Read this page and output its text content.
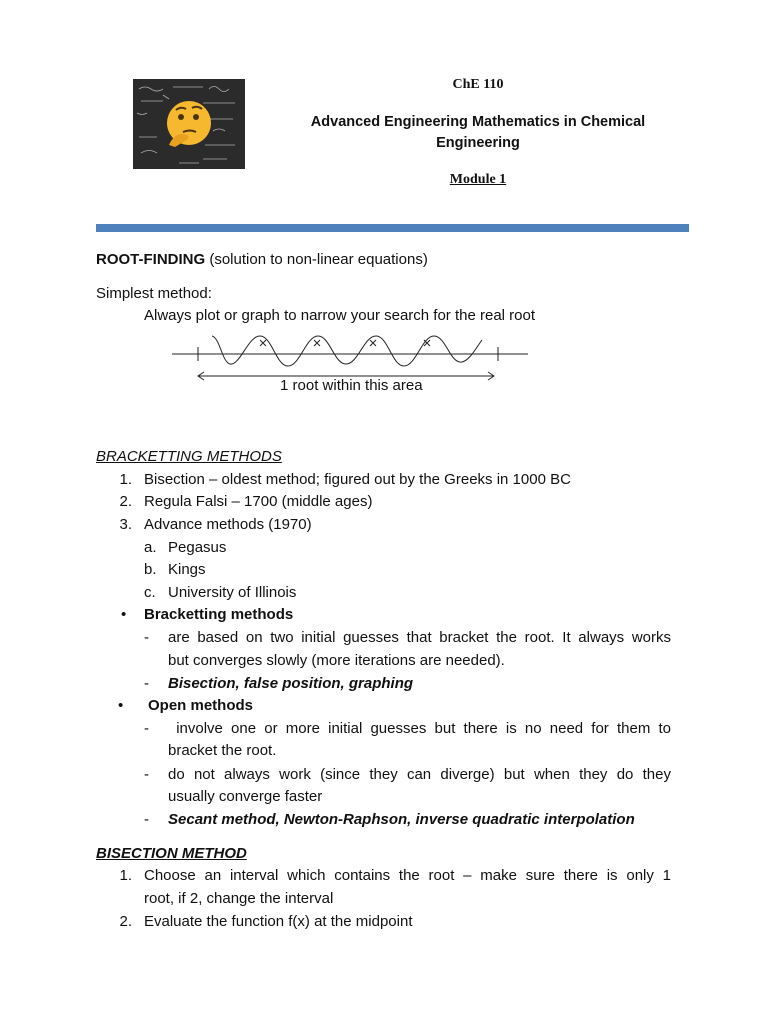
ChE 110
Advanced Engineering Mathematics in Chemical
Engineering
Module 1
ROOT-FINDING (solution to non-linear equations)
Simplest method:
Always plot or graph to narrow your search for the real root
1 root within this area
BRACKETTING METHODS
1. Bisection – oldest method; figured out by the Greeks in 1000 BC
2. Regula Falsi – 1700 (middle ages)
3. Advance methods (1970)
a. Pegasus
b. Kings
c. University of Illinois
• Bracketting methods
- are based on two initial guesses that bracket the root. It always works
but converges slowly (more iterations are needed).
- Bisection, false position, graphing
• Open methods
- involve one or more initial guesses but there is no need for them to
bracket the root.
- do not always work (since they can diverge) but when they do they
usually converge faster
- Secant method, Newton-Raphson, inverse quadratic interpolation
BISECTION METHOD
1. Choose an interval which contains the root – make sure there is only 1
root, if 2, change the interval
2. Evaluate the function f(x) at the midpoint
